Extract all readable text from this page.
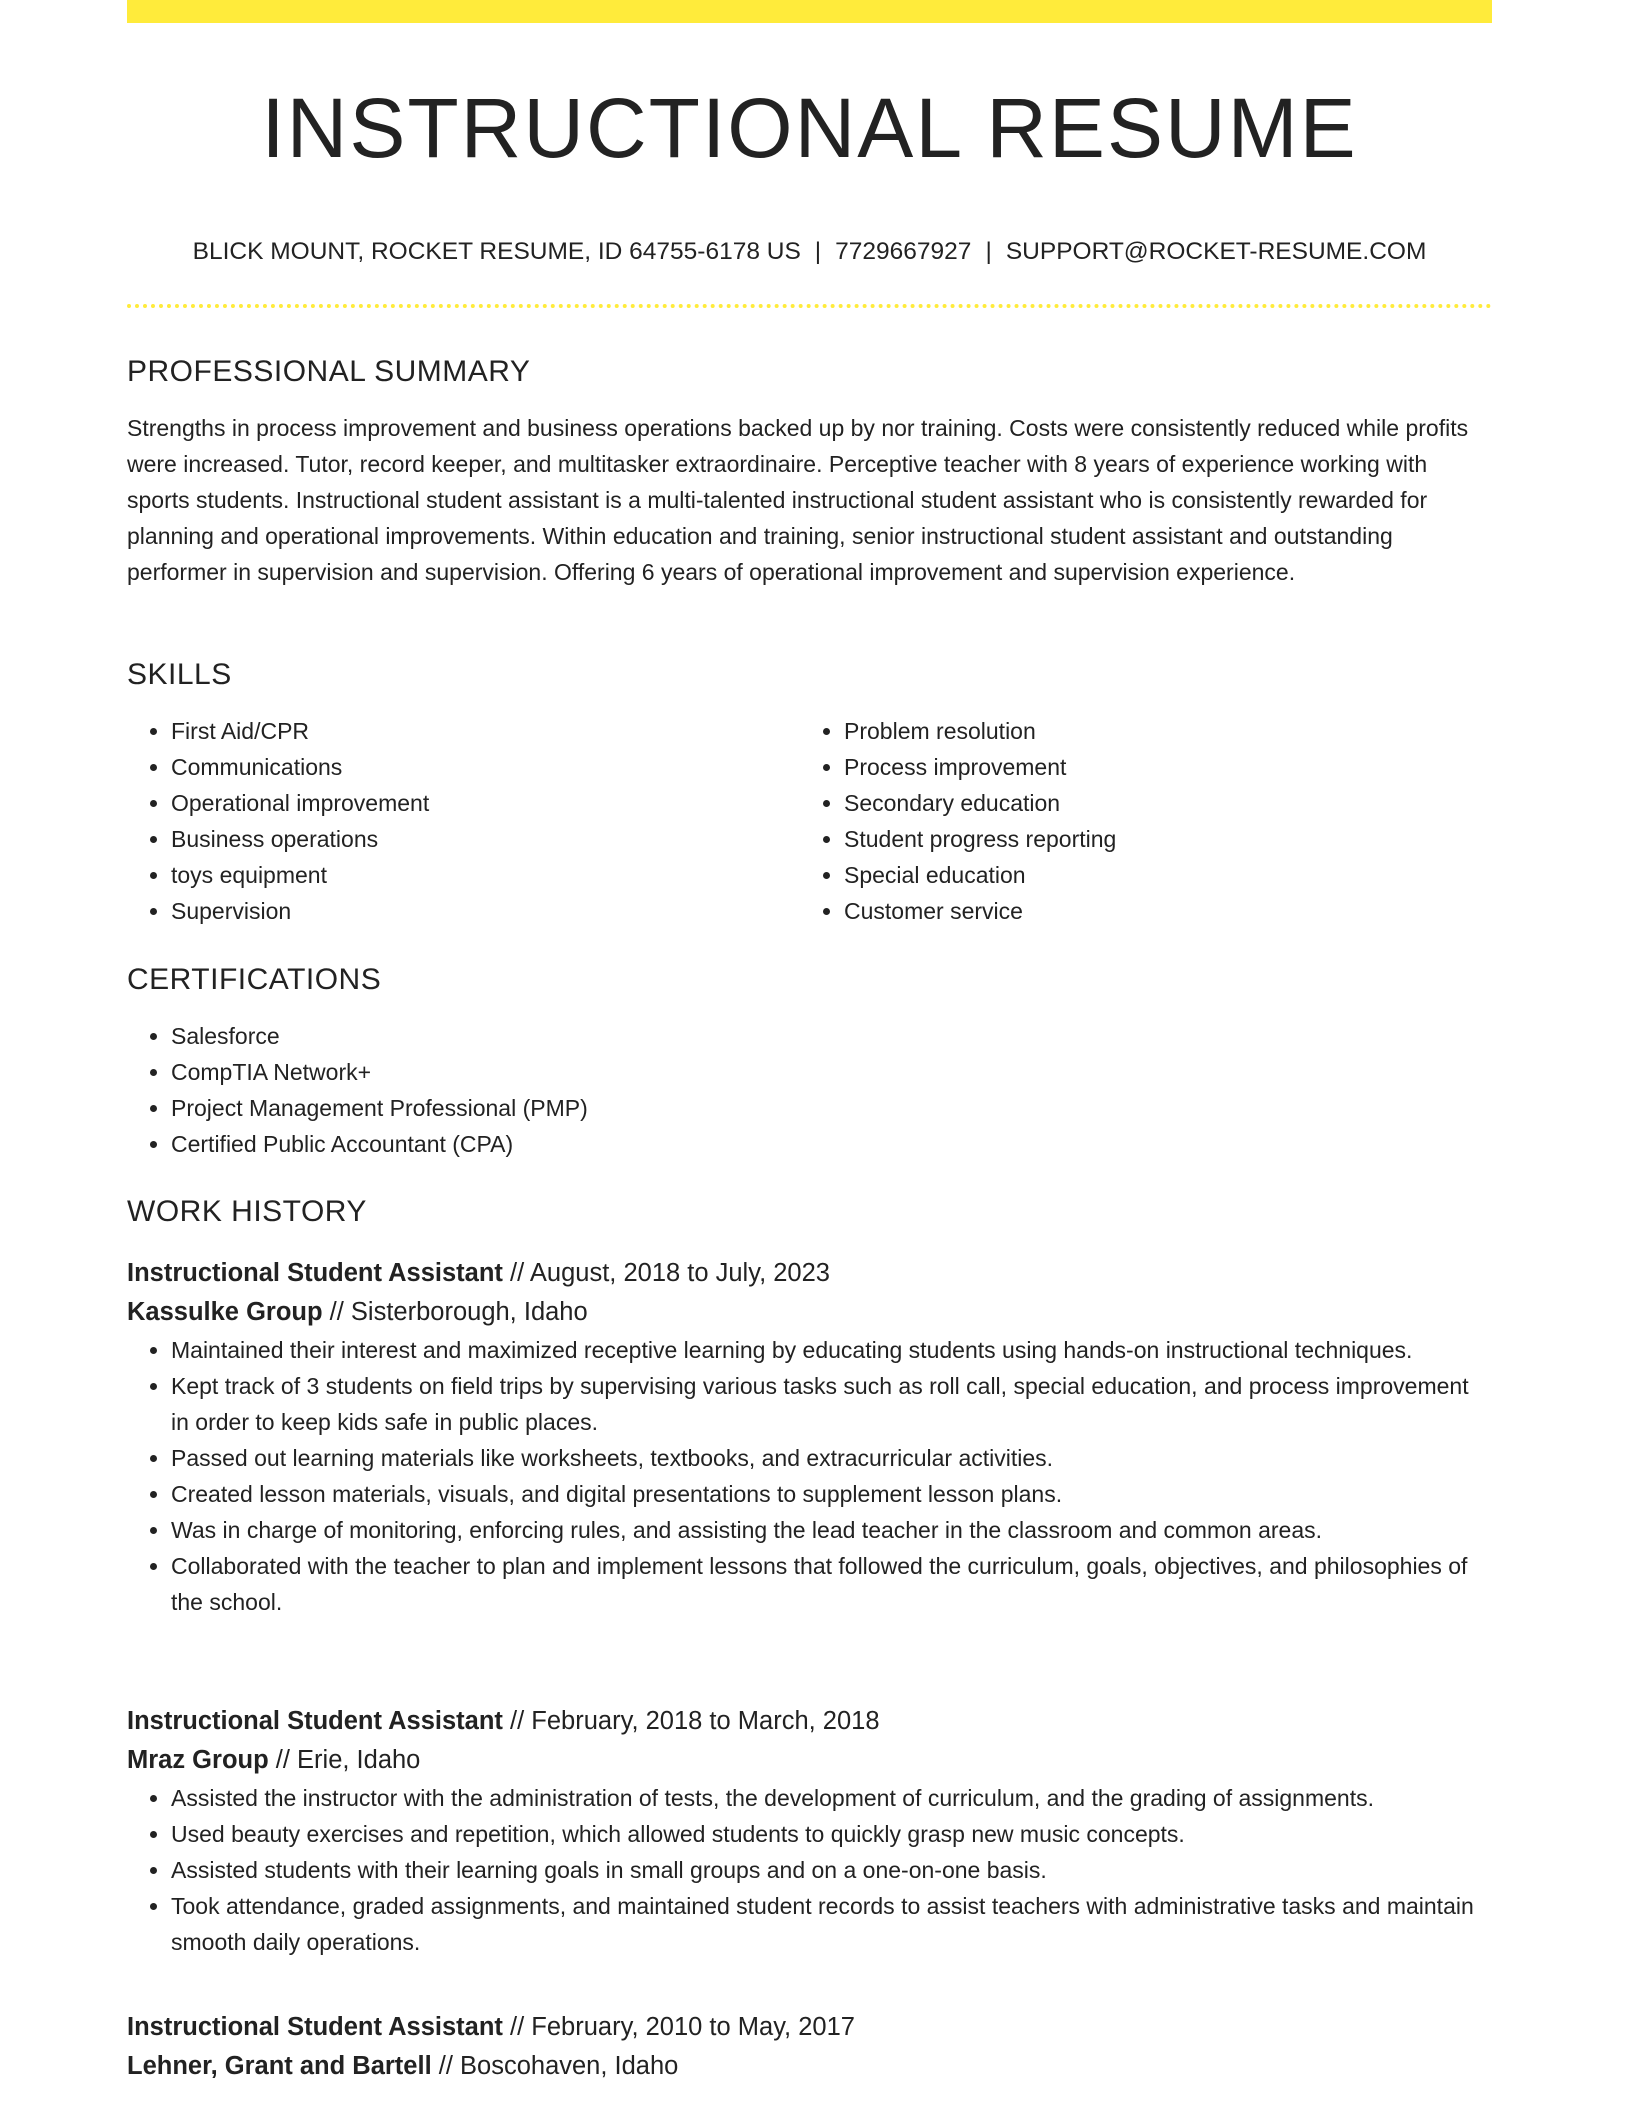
INSTRUCTIONAL RESUME
BLICK MOUNT, ROCKET RESUME, ID 64755-6178 US | 7729667927 | SUPPORT@ROCKET-RESUME.COM
PROFESSIONAL SUMMARY

Strengths in process improvement and business operations backed up by nor training. Costs were consistently reduced while profits were increased. Tutor, record keeper, and multitasker extraordinaire. Perceptive teacher with 8 years of experience working with sports students. Instructional student assistant is a multi-talented instructional student assistant who is consistently rewarded for planning and operational improvements. Within education and training, senior instructional student assistant and outstanding performer in supervision and supervision. Offering 6 years of operational improvement and supervision experience.

SKILLS
• First Aid/CPR
• Communications
• Operational improvement
• Business operations
• toys equipment
• Supervision
• Problem resolution
• Process improvement
• Secondary education
• Student progress reporting
• Special education
• Customer service
CERTIFICATIONS
• Salesforce
• CompTIA Network+
• Project Management Professional (PMP)
• Certified Public Accountant (CPA)
WORK HISTORY

Instructional Student Assistant // August, 2018 to July, 2023

Kassulke Group // Sisterborough, Idaho

• Maintained their interest and maximized receptive learning by educating students using hands-on instructional techniques.
• Kept track of 3 students on field trips by supervising various tasks such as roll call, special education, and process improvement in order to keep kids safe in public places.
• Passed out learning materials like worksheets, textbooks, and extracurricular activities.
• Created lesson materials, visuals, and digital presentations to supplement lesson plans.
• Was in charge of monitoring, enforcing rules, and assisting the lead teacher in the classroom and common areas.
• Collaborated with the teacher to plan and implement lessons that followed the curriculum, goals, objectives, and philosophies of the school.

Instructional Student Assistant // February, 2018 to March, 2018

Mraz Group // Erie, Idaho

• Assisted the instructor with the administration of tests, the development of curriculum, and the grading of assignments.
• Used beauty exercises and repetition, which allowed students to quickly grasp new music concepts.
• Assisted students with their learning goals in small groups and on a one-on-one basis.
• Took attendance, graded assignments, and maintained student records to assist teachers with administrative tasks and maintain smooth daily operations.

Instructional Student Assistant // February, 2010 to May, 2017

Lehner, Grant and Bartell // Boscohaven, Idaho
